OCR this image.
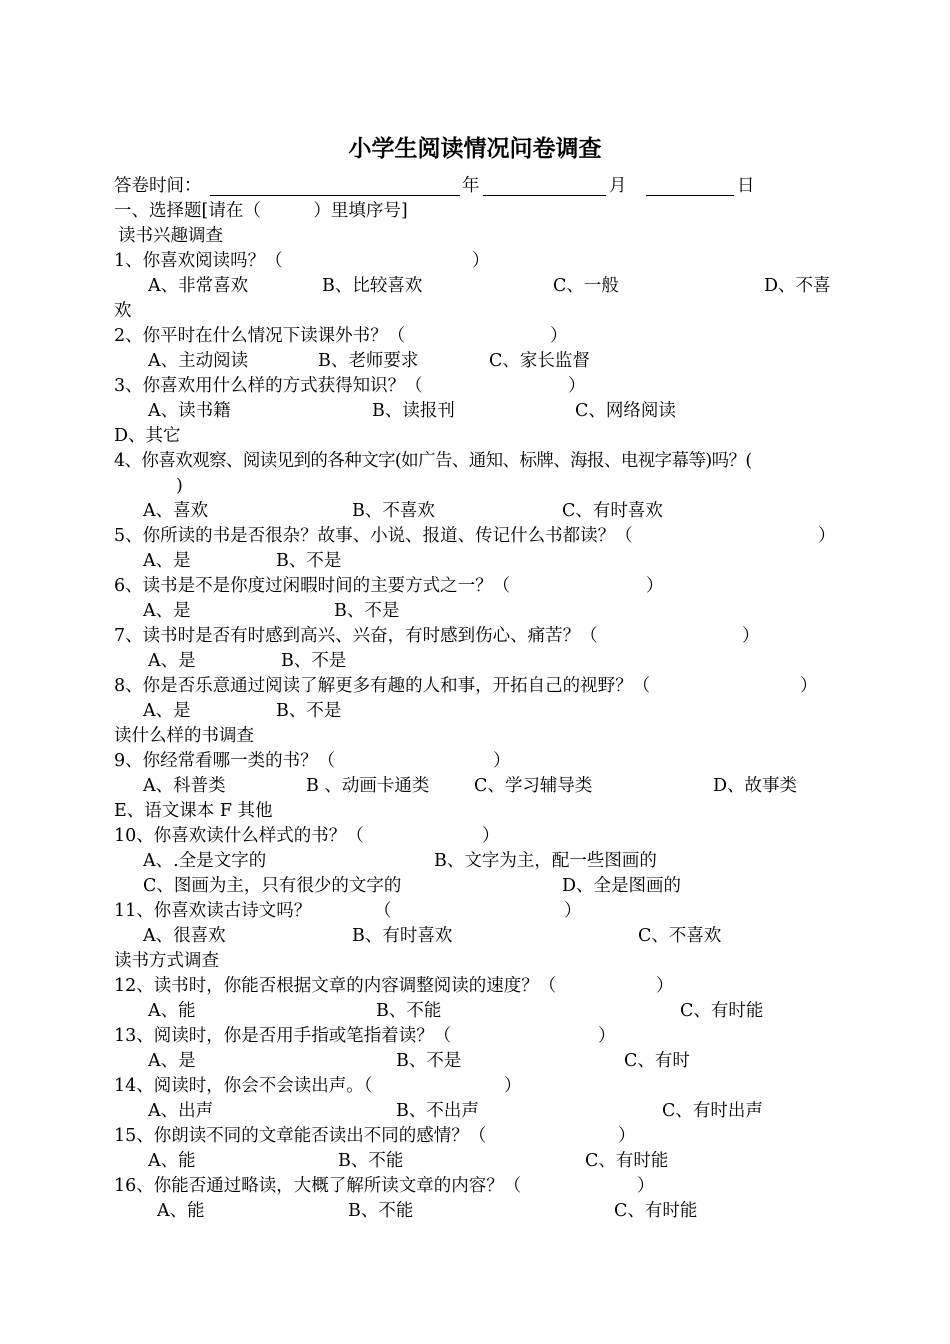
小学生阅读情况问卷调查
答卷时间：	年	月	日
一、选择题[请在（　　　）里填序号]
读书兴趣调查
1、你喜欢阅读吗？（	）
A、非常喜欢	B、比较喜欢	C、一般	D、不喜
欢
2、你平时在什么情况下读课外书？（	）
A、主动阅读	B、老师要求	C、家长监督
3、你喜欢用什么样的方式获得知识？（	）
A、读书籍	B、读报刊	C、网络阅读
D、其它
4、你喜欢观察、阅读见到的各种文字(如广告、通知、标牌、海报、电视字幕等)吗？(
)
A、喜欢	B、不喜欢	C、有时喜欢
5、你所读的书是否很杂？故事、小说、报道、传记什么书都读？（	）
A、是	B、不是
6、读书是不是你度过闲暇时间的主要方式之一？（	）
A、是	B、不是
7、读书时是否有时感到高兴、兴奋，有时感到伤心、痛苦？（	）
A、是	B、不是
8、你是否乐意通过阅读了解更多有趣的人和事，开拓自己的视野？（	）
A、是	B、不是
读什么样的书调查
9、你经常看哪一类的书？（	）
A、科普类	B 、动画卡通类	C、学习辅导类	D、故事类
E、语文课本 F 其他
10、你喜欢读什么样式的书？（	）
A、.全是文字的	B、文字为主，配一些图画的
C、图画为主，只有很少的文字的	D、全是图画的
11、你喜欢读古诗文吗？	（	）
A、很喜欢	B、有时喜欢	C、不喜欢
读书方式调查
12、读书时，你能否根据文章的内容调整阅读的速度？（	）
A、能	B、不能	C、有时能
13、阅读时，你是否用手指或笔指着读？（	）
A、是	B、不是	C、有时
14、阅读时，你会不会读出声。（	）
A、出声	B、不出声	C、有时出声
15、你朗读不同的文章能否读出不同的感情？（	）
A、能	B、不能	C、有时能
16、你能否通过略读，大概了解所读文章的内容？（	）
A、能	B、不能	C、有时能
